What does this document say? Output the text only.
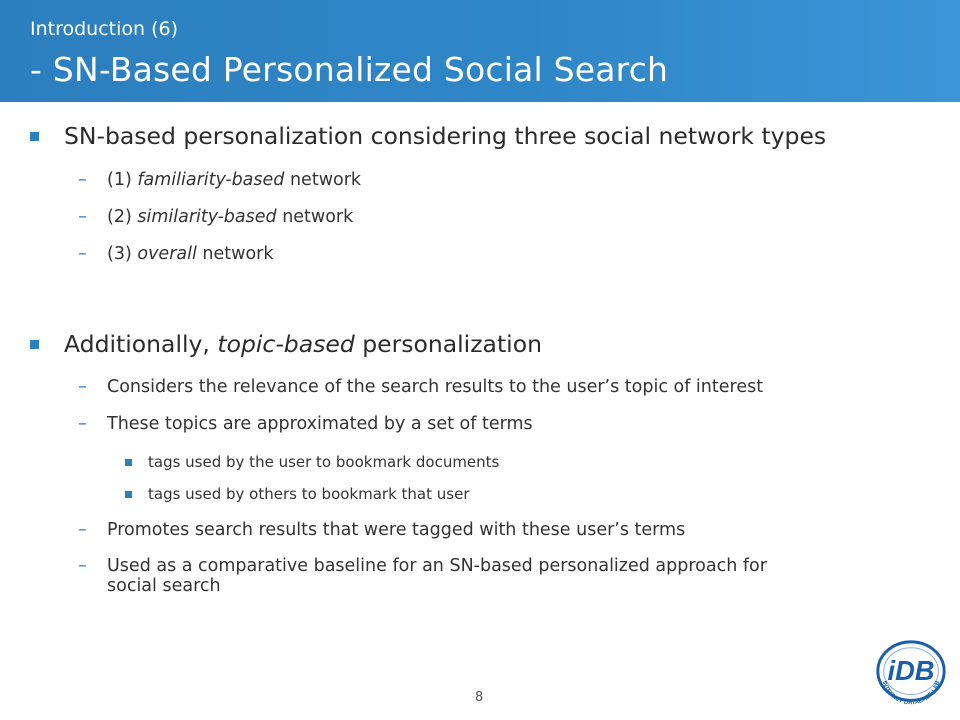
Introduction (6)
- SN-Based Personalized Social Search
SN-based personalization considering three social network types
– (1) familiarity-based network
– (2) similarity-based network
– (3) overall network
Additionally, topic-based personalization
– Considers the relevance of the search results to the user’s topic of interest
– These topics are approximated by a set of terms
tags used by the user to bookmark documents
tags used by others to bookmark that user
– Promotes search results that were tagged with these user’s terms
– Used as a comparative baseline for an SN-based personalized approach for
social search
8
iDB
INTERNET DATABASE LAB
